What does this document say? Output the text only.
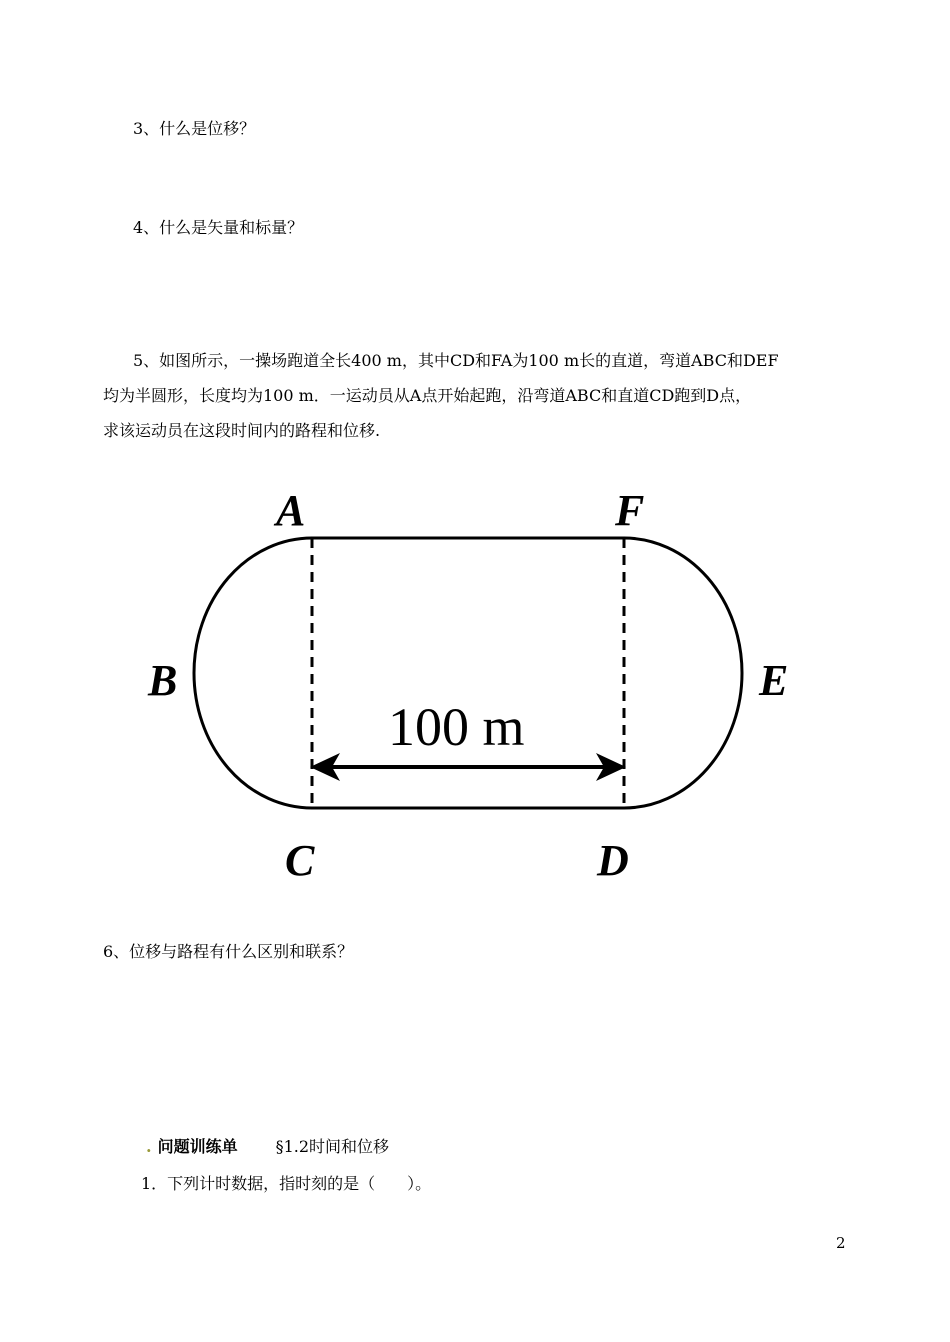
3、什么是位移？

4、什么是矢量和标量？

5、如图所示，一操场跑道全长400 m，其中CD和FA为100 m长的直道，弯道ABC和DEF

均为半圆形，长度均为100 m．一运动员从A点开始起跑，沿弯道ABC和直道CD跑到D点，

求该运动员在这段时间内的路程和位移.

A	F
B	E
C	D
100 m

6、位移与路程有什么区别和联系？

. 问题训练单 §1.2时间和位移

1．下列计时数据，指时刻的是（　　）。

2
